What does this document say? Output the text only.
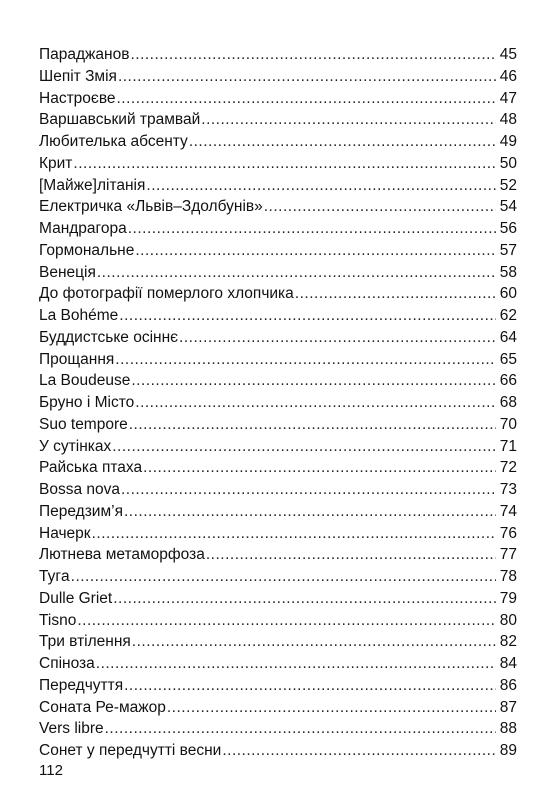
Параджанов .....	45
Шепіт Змія .....	46
Настроєве .....	47
Варшавський трамвай .....	48
Любителька абсенту .....	49
Крит .....	50
[Майже]літанія .....	52
Електричка «Львів–Здолбунів» .....	54
Мандрагора .....	56
Гормональне .....	57
Венеція .....	58
До фотографії померлого хлопчика .....	60
La Bohéme .....	62
Буддистське осіннє .....	64
Прощання .....	65
La Boudeuse .....	66
Бруно і Місто .....	68
Suo tempore .....	70
У сутінках .....	71
Райська птаха .....	72
Bossa nova .....	73
Передзим’я .....	74
Начерк .....	76
Лютнева метаморфоза .....	77
Tyгa .....	78
Dulle Griet .....	79
Tisno .....	80
Три втілення .....	82
Спіноза .....	84
Передчуття .....	86
Соната Ре-мажор .....	87
Vers libre .....	88
Сонет у передчутті весни .....	89
112
